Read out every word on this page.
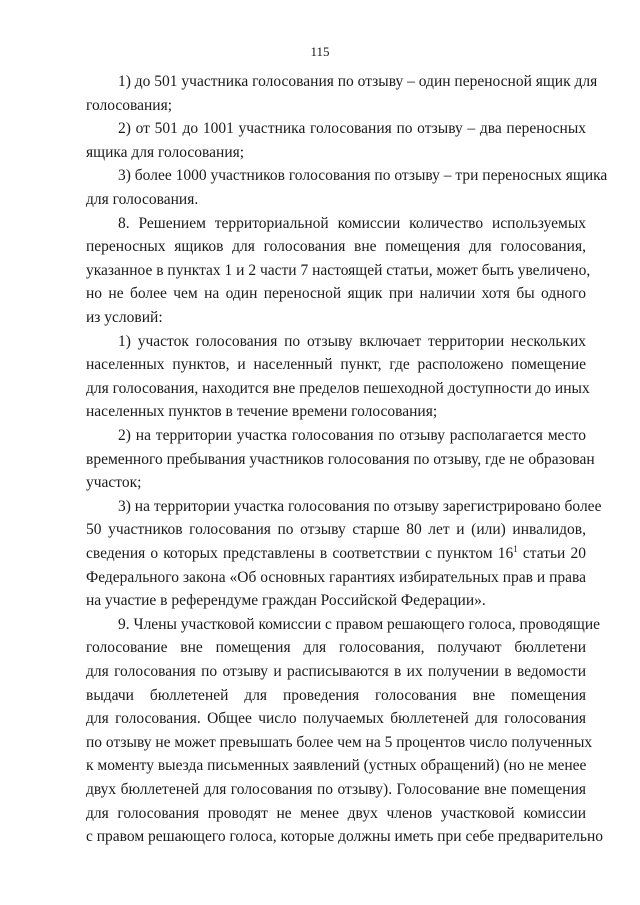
115
1) до 501 участника голосования по отзыву – один переносной ящик для
голосования;
2) от 501 до 1001 участника голосования по отзыву – два переносных
ящика для голосования;
3) более 1000 участников голосования по отзыву – три переносных ящика
для голосования.
8. Решением территориальной комиссии количество используемых
переносных ящиков для голосования вне помещения для голосования,
указанное в пунктах 1 и 2 части 7 настоящей статьи, может быть увеличено,
но не более чем на один переносной ящик при наличии хотя бы одного
из условий:
1) участок голосования по отзыву включает территории нескольких
населенных пунктов, и населенный пункт, где расположено помещение
для голосования, находится вне пределов пешеходной доступности до иных
населенных пунктов в течение времени голосования;
2) на территории участка голосования по отзыву располагается место
временного пребывания участников голосования по отзыву, где не образован
участок;
3) на территории участка голосования по отзыву зарегистрировано более
50 участников голосования по отзыву старше 80 лет и (или) инвалидов,
сведения о которых представлены в соответствии с пунктом $16^1$ статьи 20
Федерального закона «Об основных гарантиях избирательных прав и права
на участие в референдуме граждан Российской Федерации».
9. Члены участковой комиссии с правом решающего голоса, проводящие
голосование вне помещения для голосования, получают бюллетени
для голосования по отзыву и расписываются в их получении в ведомости
выдачи бюллетеней для проведения голосования вне помещения
для голосования. Общее число получаемых бюллетеней для голосования
по отзыву не может превышать более чем на 5 процентов число полученных
к моменту выезда письменных заявлений (устных обращений) (но не менее
двух бюллетеней для голосования по отзыву). Голосование вне помещения
для голосования проводят не менее двух членов участковой комиссии
с правом решающего голоса, которые должны иметь при себе предварительно
